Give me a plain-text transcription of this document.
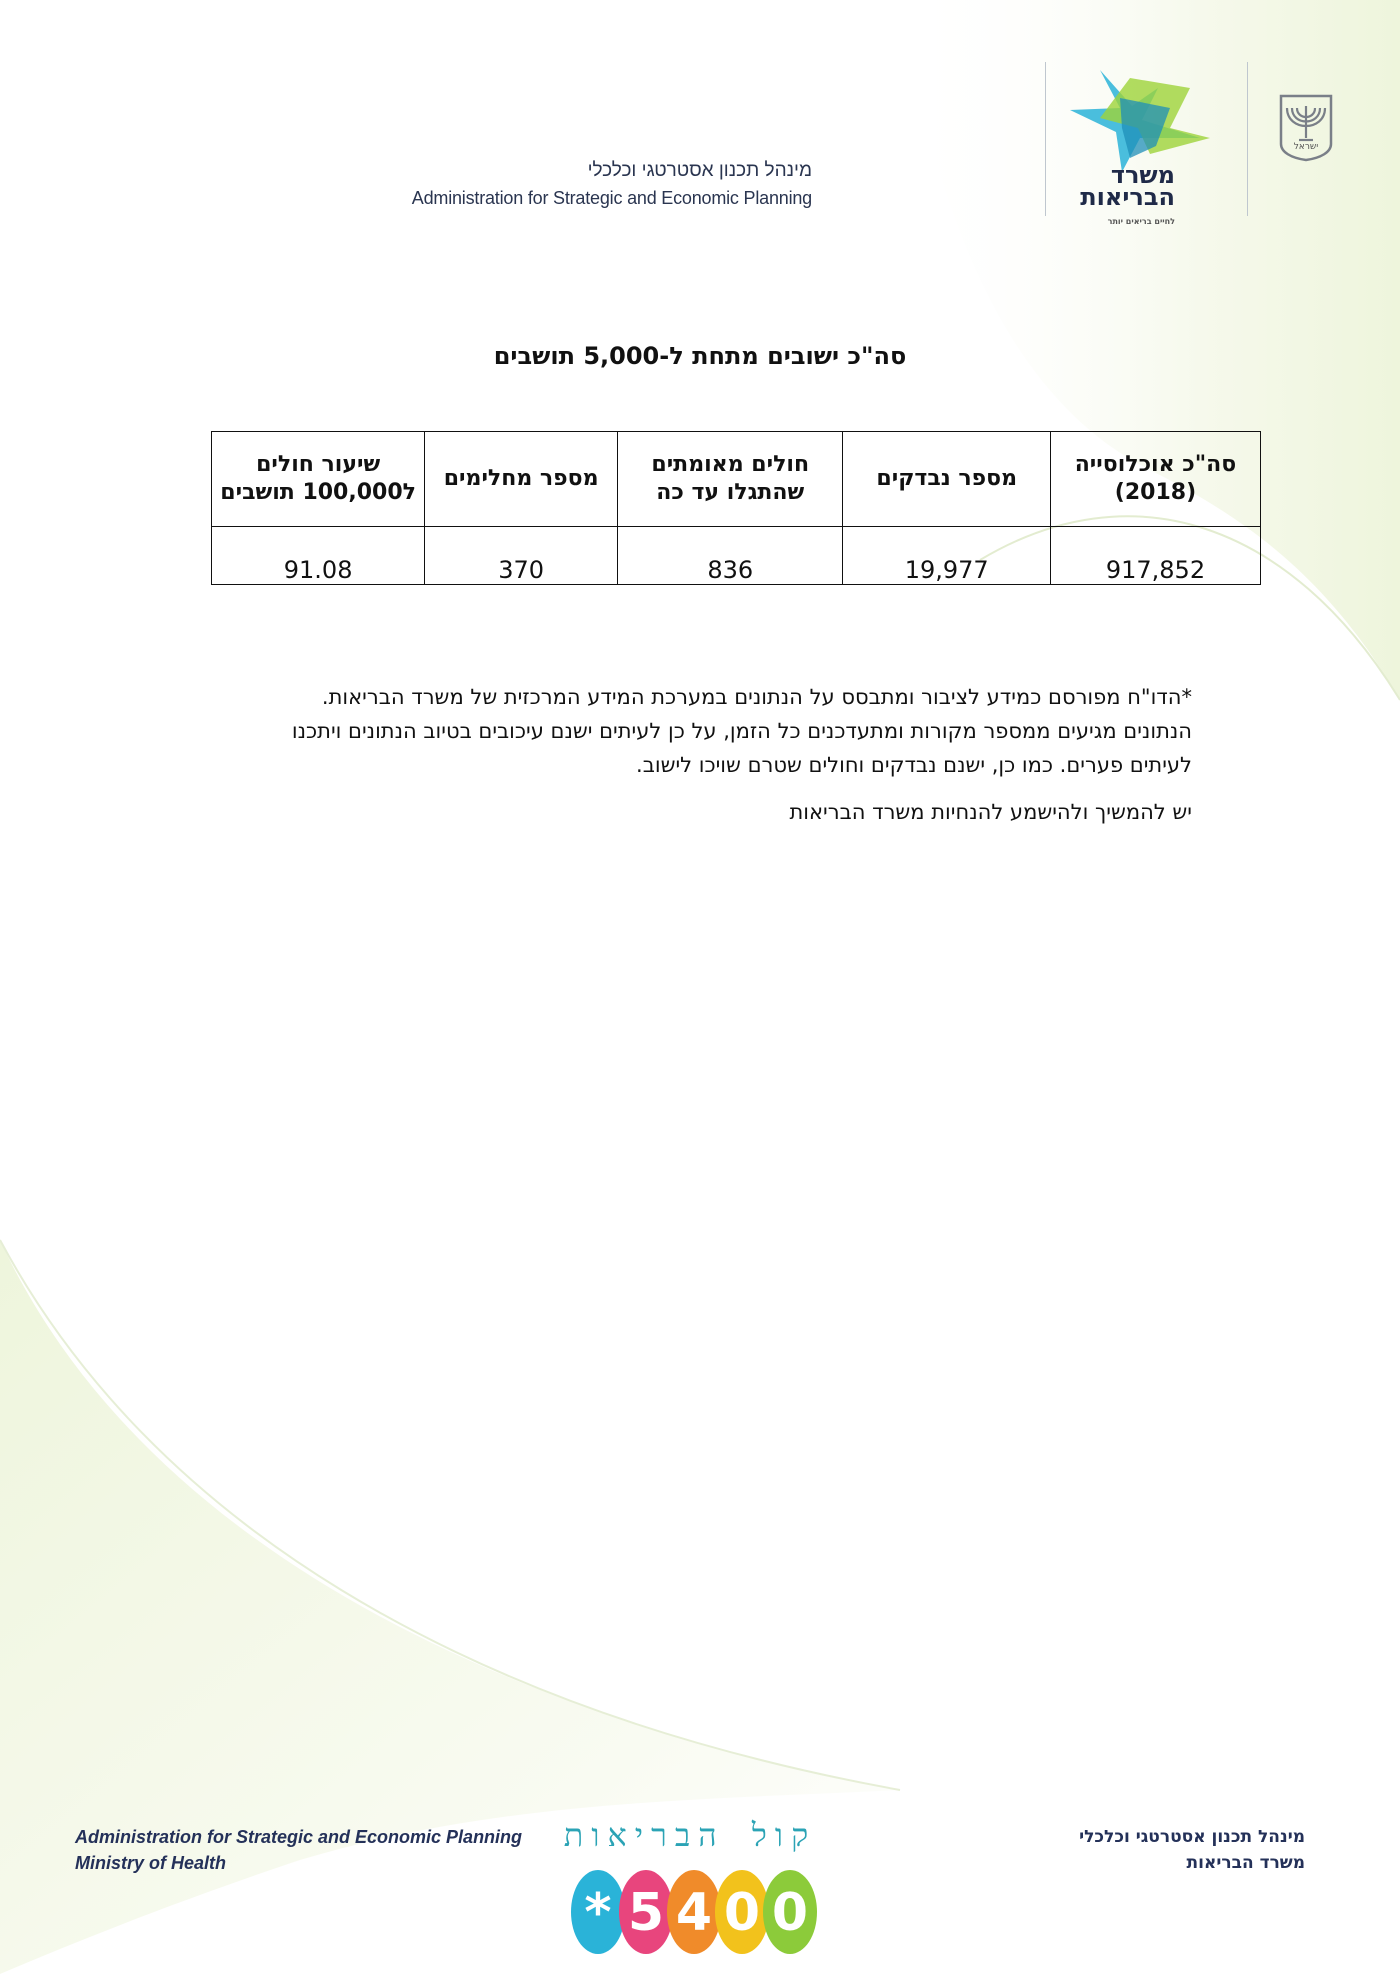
מינהל תכנון אסטרטגי וכלכלי
Administration for Strategic and Economic Planning
משרד
הבריאות
לחיים בריאים יותר
ישראל
סה"כ ישובים מתחת ל-5,000 תושבים
סה"כ אוכלוסייה (2018)	מספר נבדקים	חולים מאומתים שהתגלו עד כה	מספר מחלימים	שיעור חולים ל100,000 תושבים
917,852	19,977	836	370	91.08
*הדו"ח מפורסם כמידע לציבור ומתבסס על הנתונים במערכת המידע המרכזית של משרד הבריאות. הנתונים מגיעים ממספר מקורות ומתעדכנים כל הזמן, על כן לעיתים ישנם עיכובים בטיוב הנתונים ויתכנו לעיתים פערים. כמו כן, ישנם נבדקים וחולים שטרם שויכו לישוב.
יש להמשיך ולהישמע להנחיות משרד הבריאות
Administration for Strategic and Economic Planning
Ministry of Health
קול הבריאות
* 5 4 0 0
מינהל תכנון אסטרטגי וכלכלי
משרד הבריאות
